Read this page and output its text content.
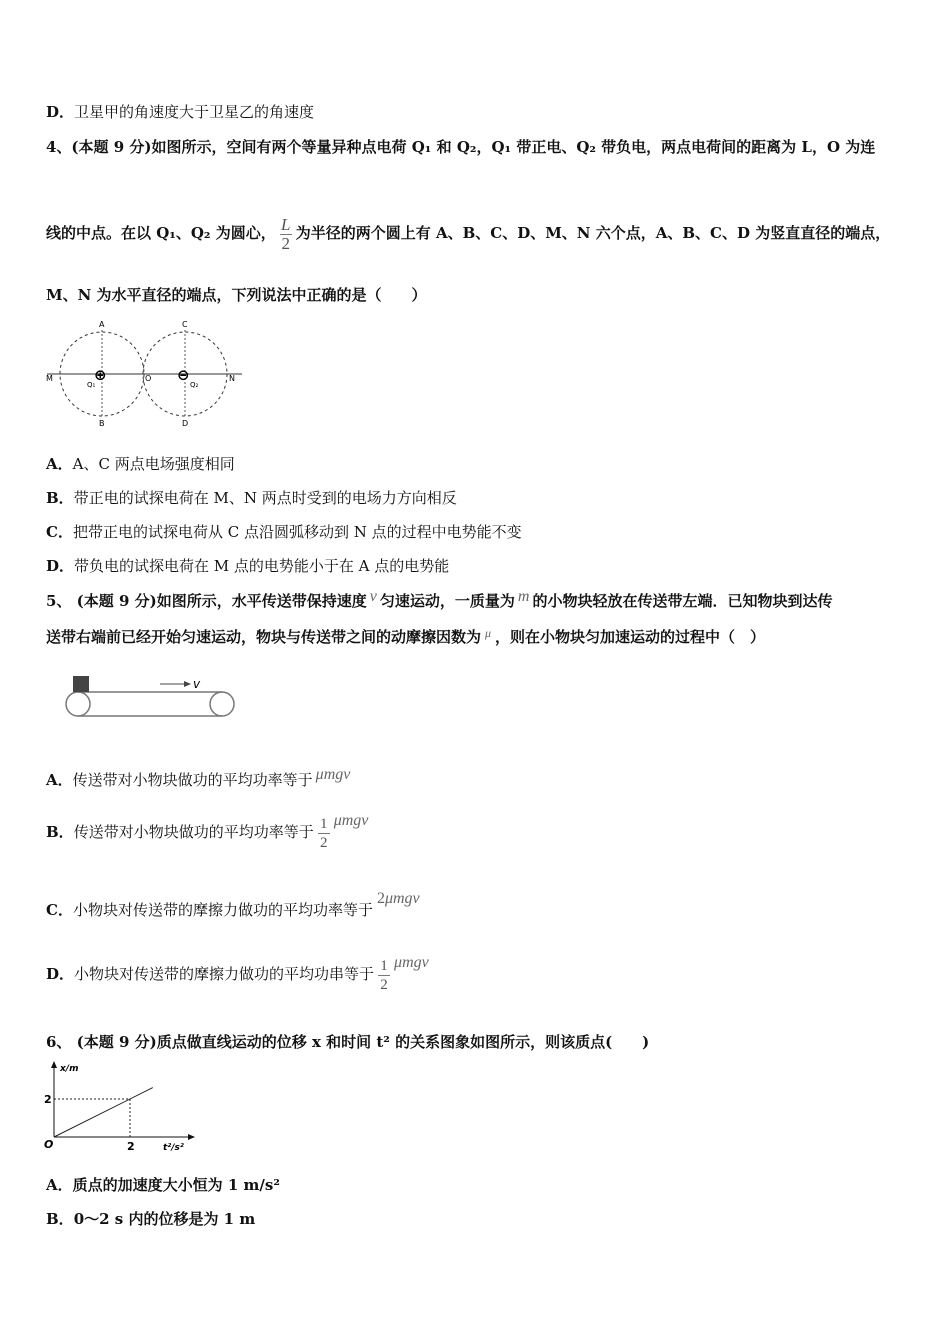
D．卫星甲的角速度大于卫星乙的角速度
4、(本题 9 分)如图所示，空间有两个等量异种点电荷 Q₁ 和 Q₂，Q₁ 带正电、Q₂ 带负电，两点电荷间的距离为 L，O 为连
线的中点。在以 Q₁、Q₂ 为圆心， $\frac{L}{2}$ 为半径的两个圆上有 A、B、C、D、M、N 六个点，A、B、C、D 为竖直直径的端点，
M、N 为水平直径的端点，下列说法中正确的是（　　）
A
B
C
D
M	N
O
Q₁	Q₂
⊕	⊖
A．A、C 两点电场强度相同
B．带正电的试探电荷在 M、N 两点时受到的电场力方向相反
C．把带正电的试探电荷从 C 点沿圆弧移动到 N 点的过程中电势能不变
D．带负电的试探电荷在 M 点的电势能小于在 A 点的电势能
5、 (本题 9 分)如图所示，水平传送带保持速度 v 匀速运动，一质量为 m 的小物块轻放在传送带左端．已知物块到达传
送带右端前已经开始匀速运动，物块与传送带之间的动摩擦因数为 $^\mu$ ，则在小物块匀加速运动的过程中（　）
v
A．传送带对小物块做功的平均功率等于 μmgv
B．传送带对小物块做功的平均功率等于 $\frac{1}{2}$ μmgv
C．小物块对传送带的摩擦力做功的平均功率等于2μmgv
D．小物块对传送带的摩擦力做功的平均功串等于 $\frac{1}{2}$ μmgv
6、 (本题 9 分)质点做直线运动的位移 x 和时间 t² 的关系图象如图所示，则该质点(　　)
2
2
x/m
t²/s²
O
A．质点的加速度大小恒为 1 m/s²
B．0～2 s 内的位移是为 1 m
